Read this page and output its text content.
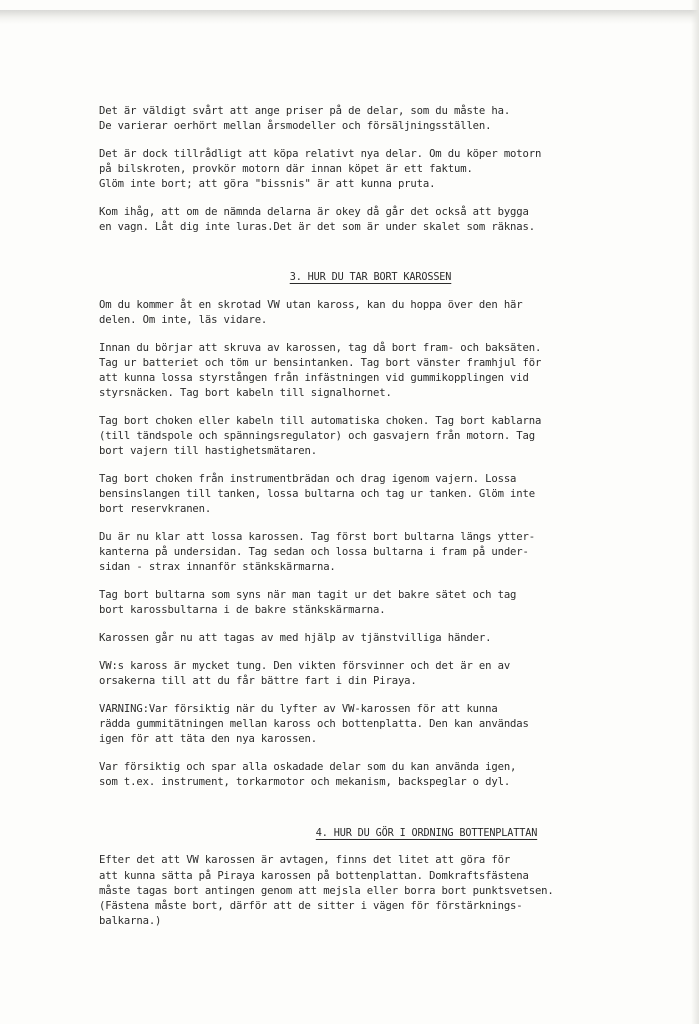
Det är väldigt svårt att ange priser på de delar, som du måste ha.
De varierar oerhört mellan årsmodeller och försäljningsställen.

Det är dock tillrådligt att köpa relativt nya delar. Om du köper motorn
på bilskroten, provkör motorn där innan köpet är ett faktum.
Glöm inte bort; att göra "bissnis" är att kunna pruta.

Kom ihåg, att om de nämnda delarna är okey då går det också att bygga
en vagn. Låt dig inte luras.Det är det som är under skalet som räknas.

3. HUR DU TAR BORT KAROSSEN

Om du kommer åt en skrotad VW utan kaross, kan du hoppa över den här
delen. Om inte, läs vidare.

Innan du börjar att skruva av karossen, tag då bort fram- och baksäten.
Tag ur batteriet och töm ur bensintanken. Tag bort vänster framhjul för
att kunna lossa styrstången från infästningen vid gummikopplingen vid
styrsnäcken. Tag bort kabeln till signalhornet.

Tag bort choken eller kabeln till automatiska choken. Tag bort kablarna
(till tändspole och spänningsregulator) och gasvajern från motorn. Tag
bort vajern till hastighetsmätaren.

Tag bort choken från instrumentbrädan och drag igenom vajern. Lossa
bensinslangen till tanken, lossa bultarna och tag ur tanken. Glöm inte
bort reservkranen.

Du är nu klar att lossa karossen. Tag först bort bultarna längs ytter-
kanterna på undersidan. Tag sedan och lossa bultarna i fram på under-
sidan - strax innanför stänkskärmarna.

Tag bort bultarna som syns när man tagit ur det bakre sätet och tag
bort karossbultarna i de bakre stänkskärmarna.

Karossen går nu att tagas av med hjälp av tjänstvilliga händer.

VW:s kaross är mycket tung. Den vikten försvinner och det är en av
orsakerna till att du får bättre fart i din Piraya.

VARNING:Var försiktig när du lyfter av VW-karossen för att kunna
rädda gummitätningen mellan kaross och bottenplatta. Den kan användas
igen för att täta den nya karossen.

Var försiktig och spar alla oskadade delar som du kan använda igen,
som t.ex. instrument, torkarmotor och mekanism, backspeglar o dyl.

4. HUR DU GÖR I ORDNING BOTTENPLATTAN

Efter det att VW karossen är avtagen, finns det litet att göra för
att kunna sätta på Piraya karossen på bottenplattan. Domkraftsfästena
måste tagas bort antingen genom att mejsla eller borra bort punktsvetsen.
(Fästena måste bort, därför att de sitter i vägen för förstärknings-
balkarna.)
